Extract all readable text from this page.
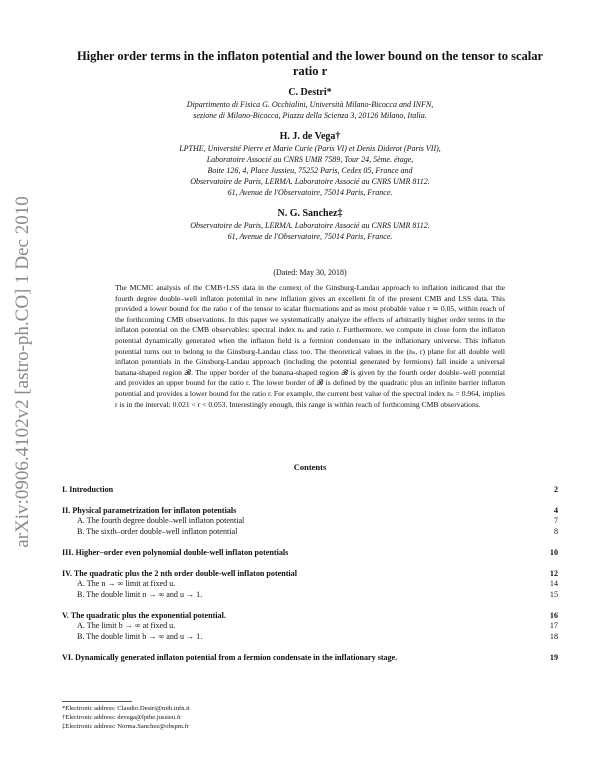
arXiv:0906.4102v2 [astro-ph.CO] 1 Dec 2010
Higher order terms in the inflaton potential and the lower bound on the tensor to scalar ratio r
C. Destri*
Dipartimento di Fisica G. Occhialini, Università Milano-Bicocca and INFN,
sezione di Milano-Bicocca, Piazza della Scienza 3, 20126 Milano, Italia.
H. J. de Vega†
LPTHE, Université Pierre et Marie Curie (Paris VI) et Denis Diderot (Paris VII),
Laboratoire Associé au CNRS UMR 7589, Tour 24, 5ème. étage,
Boite 126, 4, Place Jussieu, 75252 Paris, Cedex 05, France and
Observatoire de Paris, LERMA. Laboratoire Associé au CNRS UMR 8112.
61, Avenue de l'Observatoire, 75014 Paris, France.
N. G. Sanchez‡
Observatoire de Paris, LERMA. Laboratoire Associé au CNRS UMR 8112.
61, Avenue de l'Observatoire, 75014 Paris, France.
(Dated: May 30, 2018)
The MCMC analysis of the CMB+LSS data in the context of the Ginsburg-Landau approach to inflation indicated that the fourth degree double–well inflaton potential in new inflation gives an excellent fit of the present CMB and LSS data. This provided a lower bound for the ratio r of the tensor to scalar fluctuations and as most probable value r ≃ 0.05, within reach of the forthcoming CMB observations. In this paper we systematically analyze the effects of arbitrarily higher order terms in the inflaton potential on the CMB observables: spectral index nₛ and ratio r. Furthermore, we compute in close form the inflaton potential dynamically generated when the inflaton field is a fermion condensate in the inflationary universe. This inflaton potential turns out to belong to the Ginsburg-Landau class too. The theoretical values in the (nₛ, r) plane for all double well inflaton potentials in the Ginsburg-Landau approach (including the potential generated by fermions) fall inside a universal banana-shaped region 𝓑. The upper border of the banana-shaped region 𝓑 is given by the fourth order double–well potential and provides an upper bound for the ratio r. The lower border of 𝓑 is defined by the quadratic plus an infinite barrier inflaton potential and provides a lower bound for the ratio r. For example, the current best value of the spectral index nₛ = 0.964, implies r is in the interval: 0.021 < r < 0.053. Interestingly enough, this range is within reach of forthcoming CMB observations.
Contents
I. Introduction	2
II. Physical parametrization for inflaton potentials	4
A. The fourth degree double–well inflaton potential	7
B. The sixth–order double–well inflaton potential	8
III. Higher–order even polynomial double-well inflaton potentials	10
IV. The quadratic plus the 2 nth order double-well inflaton potential	12
A. The n → ∞ limit at fixed u.	14
B. The double limit n → ∞ and u → 1.	15
V. The quadratic plus the exponential potential.	16
A. The limit b → ∞ at fixed u.	17
B. The double limit b → ∞ and u → 1.	18
VI. Dynamically generated inflaton potential from a fermion condensate in the inflationary stage.	19
*Electronic address: Claudio.Destri@mib.infn.it
†Electronic address: devega@lpthe.jussieu.fr
‡Electronic address: Norma.Sanchez@obspm.fr
